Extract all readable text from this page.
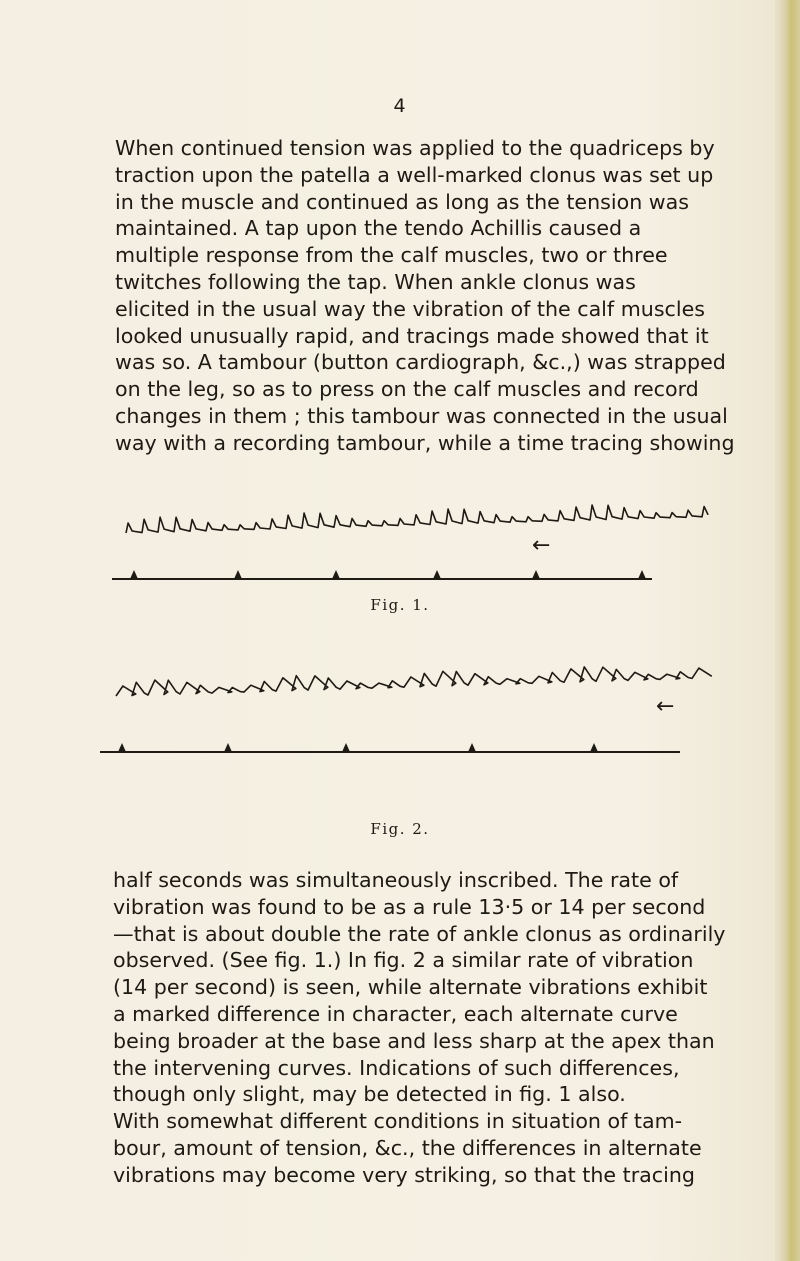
4
When continued tension was applied to the quadriceps by
traction upon the patella a well-marked clonus was set up
in the muscle and continued as long as the tension was
maintained. A tap upon the tendo Achillis caused a
multiple response from the calf muscles, two or three
twitches following the tap. When ankle clonus was
elicited in the usual way the vibration of the calf muscles
looked unusually rapid, and tracings made showed that it
was so. A tambour (button cardiograph, &c.,) was strapped
on the leg, so as to press on the calf muscles and record
changes in them ; this tambour was connected in the usual
way with a recording tambour, while a time tracing showing
←
Fig. 1.
←
Fig. 2.
half seconds was simultaneously inscribed. The rate of
vibration was found to be as a rule 13·5 or 14 per second
—that is about double the rate of ankle clonus as ordinarily
observed. (See fig. 1.) In fig. 2 a similar rate of vibration
(14 per second) is seen, while alternate vibrations exhibit
a marked difference in character, each alternate curve
being broader at the base and less sharp at the apex than
the intervening curves. Indications of such differences,
though only slight, may be detected in fig. 1 also.
With somewhat different conditions in situation of tam-
bour, amount of tension, &c., the differences in alternate
vibrations may become very striking, so that the tracing
